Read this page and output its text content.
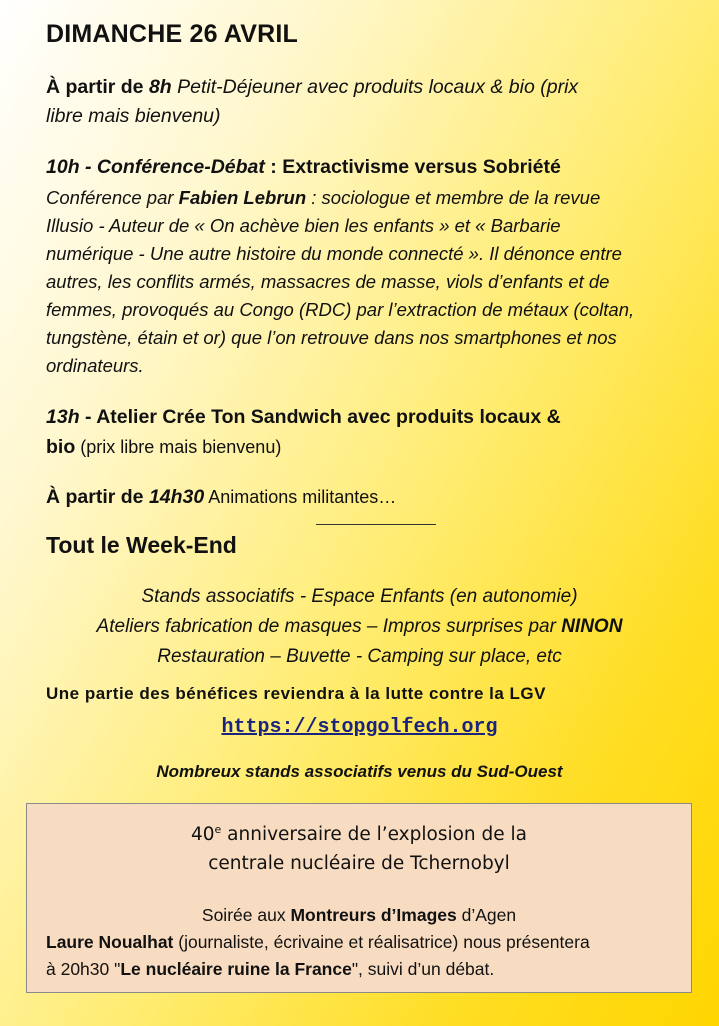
DIMANCHE 26 AVRIL
À partir de 8h Petit-Déjeuner avec produits locaux & bio (prix
libre mais bienvenu)
10h - Conférence-Débat : Extractivisme versus Sobriété
Conférence par Fabien Lebrun : sociologue et membre de la revue
Illusio - Auteur de « On achève bien les enfants » et « Barbarie
numérique - Une autre histoire du monde connecté ». Il dénonce entre
autres, les conflits armés, massacres de masse, viols d’enfants et de
femmes, provoqués au Congo (RDC) par l’extraction de métaux (coltan,
tungstène, étain et or) que l’on retrouve dans nos smartphones et nos
ordinateurs.
13h - Atelier Crée Ton Sandwich avec produits locaux &
bio (prix libre mais bienvenu)
À partir de 14h30 Animations militantes…
Tout le Week-End
Stands associatifs - Espace Enfants (en autonomie)
Ateliers fabrication de masques – Impros surprises par NINON
Restauration – Buvette - Camping sur place, etc
Une partie des bénéfices reviendra à la lutte contre la LGV
https://stopgolfech.org
Nombreux stands associatifs venus du Sud-Ouest
40e anniversaire de l’explosion de la
centrale nucléaire de Tchernobyl
Soirée aux Montreurs d’Images d’Agen
Laure Noualhat (journaliste, écrivaine et réalisatrice) nous présentera
à 20h30 "Le nucléaire ruine la France", suivi d’un débat.
